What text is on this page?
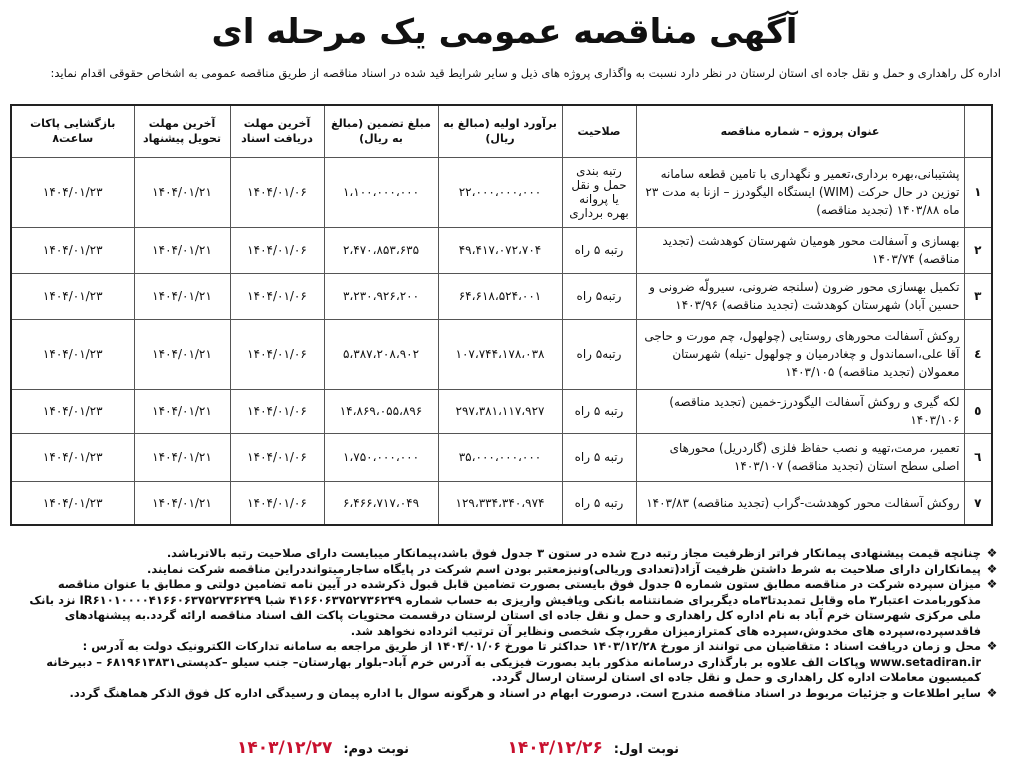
آگهی مناقصه عمومی یک مرحله ای
اداره کل راهداری و حمل و نقل جاده ای استان لرستان در نظر دارد نسبت به واگذاری پروژه های ذیل و سایر شرایط قید شده در اسناد مناقصه از طریق مناقصه عمومی به اشخاص حقوقی اقدام نماید:
	عنوان پروژه – شماره مناقصه	صلاحیت	برآورد اولیه (مبالغ به ریال)	مبلغ تضمین (مبالغ به ریال)	آخرین مهلت دریافت اسناد	آخرین مهلت تحویل پیشنهاد	بازگشایی پاکات ساعت۸
١	پشتیبانی،بهره برداری،تعمیر و نگهداری با تامین قطعه سامانه توزین در حال حرکت (WIM) ایستگاه الیگودرز – ازنا به مدت ۲۳ ماه ۱۴۰۳/۸۸ (تجدید مناقصه)	رتبه بندی حمل و نقل یا پروانه بهره برداری	۲۲،۰۰۰،۰۰۰،۰۰۰	۱،۱۰۰،۰۰۰،۰۰۰	۱۴۰۴/۰۱/۰۶	۱۴۰۴/۰۱/۲۱	۱۴۰۴/۰۱/۲۳
٢	بهسازی و آسفالت محور هومیان شهرستان کوهدشت (تجدید مناقصه) ۱۴۰۳/۷۴	رتبه ۵ راه	۴۹،۴۱۷،۰۷۲،۷۰۴	۲،۴۷۰،۸۵۳،۶۳۵	۱۴۰۴/۰۱/۰۶	۱۴۰۴/۰۱/۲۱	۱۴۰۴/۰۱/۲۳
٣	تکمیل بهسازی محور ضرون (سلنجه ضرونی، سیرولّه ضرونی و حسین آباد) شهرستان کوهدشت (تجدید مناقصه) ۱۴۰۳/۹۶	رتبه۵ راه	۶۴،۶۱۸،۵۲۴،۰۰۱	۳،۲۳۰،۹۲۶،۲۰۰	۱۴۰۴/۰۱/۰۶	۱۴۰۴/۰۱/۲۱	۱۴۰۴/۰۱/۲۳
٤	روکش آسفالت محورهای روستایی (چولهول، چم مورت و حاجی آقا علی،اسماندول و چغادرمیان و چولهول -نیله) شهرستان معمولان (تجدید مناقصه) ۱۴۰۳/۱۰۵	رتبه۵ راه	۱۰۷،۷۴۴،۱۷۸،۰۳۸	۵،۳۸۷،۲۰۸،۹۰۲	۱۴۰۴/۰۱/۰۶	۱۴۰۴/۰۱/۲۱	۱۴۰۴/۰۱/۲۳
٥	لکه گیری و روکش آسفالت الیگودرز-خمین (تجدید مناقصه) ۱۴۰۳/۱۰۶	رتبه ۵ راه	۲۹۷،۳۸۱،۱۱۷،۹۲۷	۱۴،۸۶۹،۰۵۵،۸۹۶	۱۴۰۴/۰۱/۰۶	۱۴۰۴/۰۱/۲۱	۱۴۰۴/۰۱/۲۳
٦	تعمیر، مرمت،تهیه و نصب حفاظ فلزی (گاردریل) محورهای اصلی سطح استان (تجدید مناقصه) ۱۴۰۳/۱۰۷	رتبه ۵ راه	۳۵،۰۰۰،۰۰۰،۰۰۰	۱،۷۵۰،۰۰۰،۰۰۰	۱۴۰۴/۰۱/۰۶	۱۴۰۴/۰۱/۲۱	۱۴۰۴/۰۱/۲۳
٧	روکش آسفالت محور کوهدشت-گراب (تجدید مناقصه) ۱۴۰۳/۸۳	رتبه ۵ راه	۱۲۹،۳۳۴،۳۴۰،۹۷۴	۶،۴۶۶،۷۱۷،۰۴۹	۱۴۰۴/۰۱/۰۶	۱۴۰۴/۰۱/۲۱	۱۴۰۴/۰۱/۲۳
❖
چنانچه قیمت پیشنهادی پیمانکار فراتر ازظرفیت مجاز رتبه درج شده در ستون ۳ جدول فوق باشد،پیمانکار میبایست دارای صلاحیت رتبه بالاترباشد.
❖
پیمانکاران دارای صلاحیت به شرط داشتن ظرفیت آزاد(تعدادی وریالی)ونیزمعتبر بودن اسم شرکت در پایگاه ساجارمیتوانددراین مناقصه شرکت نمایند.
❖
میزان سپرده شرکت در مناقصه مطابق ستون شماره ۵ جدول فوق بایستی بصورت تضامین قابل قبول ذکرشده در آیین نامه تضامین دولتی و مطابق با عنوان مناقصه مذکوربامدت اعتبار۳ ماه وقابل تمدیدتا۳ماه دیگربرای ضمانتنامه بانکی ویافیش واریزی به حساب شماره ۴۱۶۶۰۶۳۷۵۲۷۳۶۲۴۹ شبا IR۶۱۰۱۰۰۰۰۴۱۶۶۰۶۳۷۵۲۷۳۶۲۴۹ نزد بانک ملی مرکزی شهرستان خرم آباد به نام اداره کل راهداری و حمل و نقل جاده ای استان لرستان درقسمت محتویات پاکت الف اسناد مناقصه ارائه گردد.به پیشنهادهای فاقدسپرده،سپرده های مخدوش،سپرده های کمترازمیزان مقرر،چک شخصی ونظایر آن ترتیب اثرداده نخواهد شد.
❖
محل و زمان دریافت اسناد : متقاضیان می توانند از مورخ ۱۴۰۳/۱۲/۲۸ حداکثر تا مورخ ۱۴۰۴/۰۱/۰۶ از طریق مراجعه به سامانه تدارکات الکترونیک دولت به آدرس : www.setadiran.ir وپاکات الف علاوه بر بارگذاری درسامانه مذکور باید بصورت فیزیکی به آدرس خرم آباد–بلوار بهارستان– جنب سیلو –کدپستی۶۸۱۹۶۱۳۸۳۱ – دبیرخانه کمیسیون معاملات اداره کل راهداری و حمل و نقل جاده ای استان لرستان ارسال گردد.
❖
سایر اطلاعات و جزئیات مربوط در اسناد مناقصه مندرج است. درصورت ابهام در اسناد و هرگونه سوال با اداره پیمان و رسیدگی اداره کل فوق الذکر هماهنگ گردد.
نوبت اول: ۱۴۰۳/۱۲/۲۶
نوبت دوم: ۱۴۰۳/۱۲/۲۷
